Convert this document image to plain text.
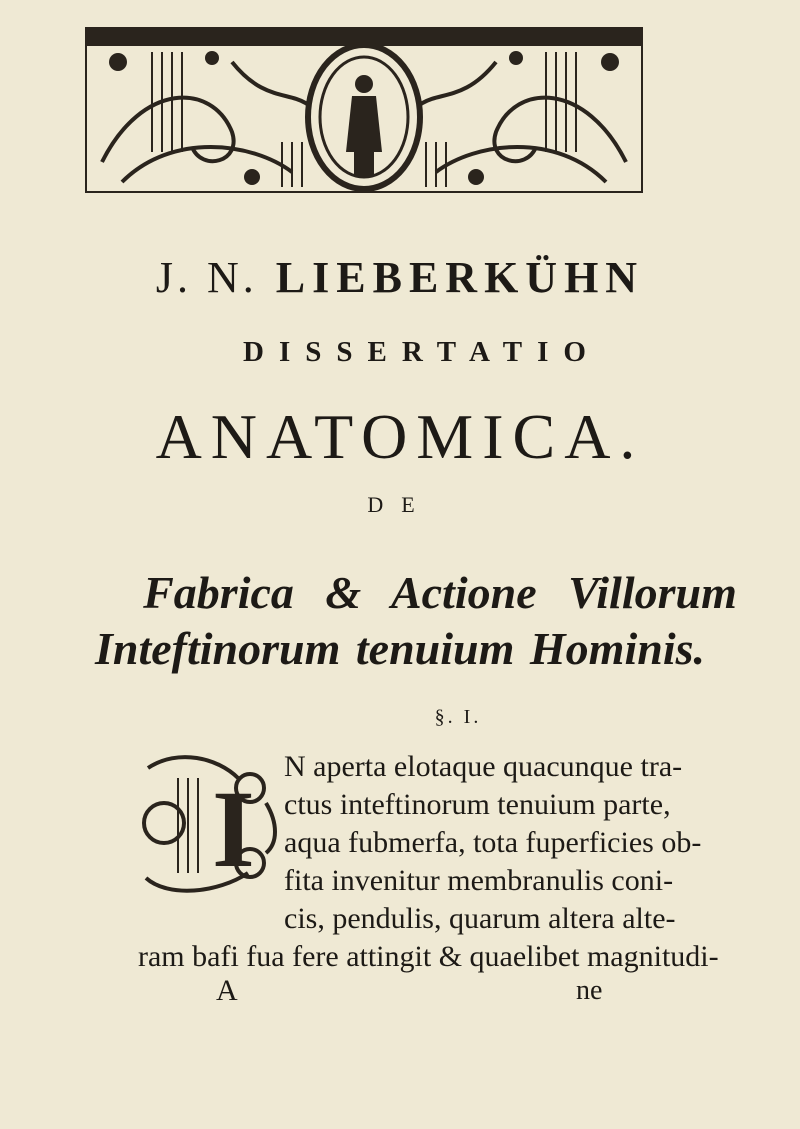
J. N. LIEBERKÜHN
DISSERTATIO
ANATOMICA.
DE
Fabrica & Actione Villorum
Inteftinorum tenuium Hominis.
§. I.
I
N aperta elotaque quacunque tra-
ctus inteftinorum tenuium parte,
aqua fubmerfa, tota fuperficies ob-
fita invenitur membranulis coni-
cis, pendulis, quarum altera alte-
ram bafi fua fere attingit & quaelibet magnitudi-
A	ne
